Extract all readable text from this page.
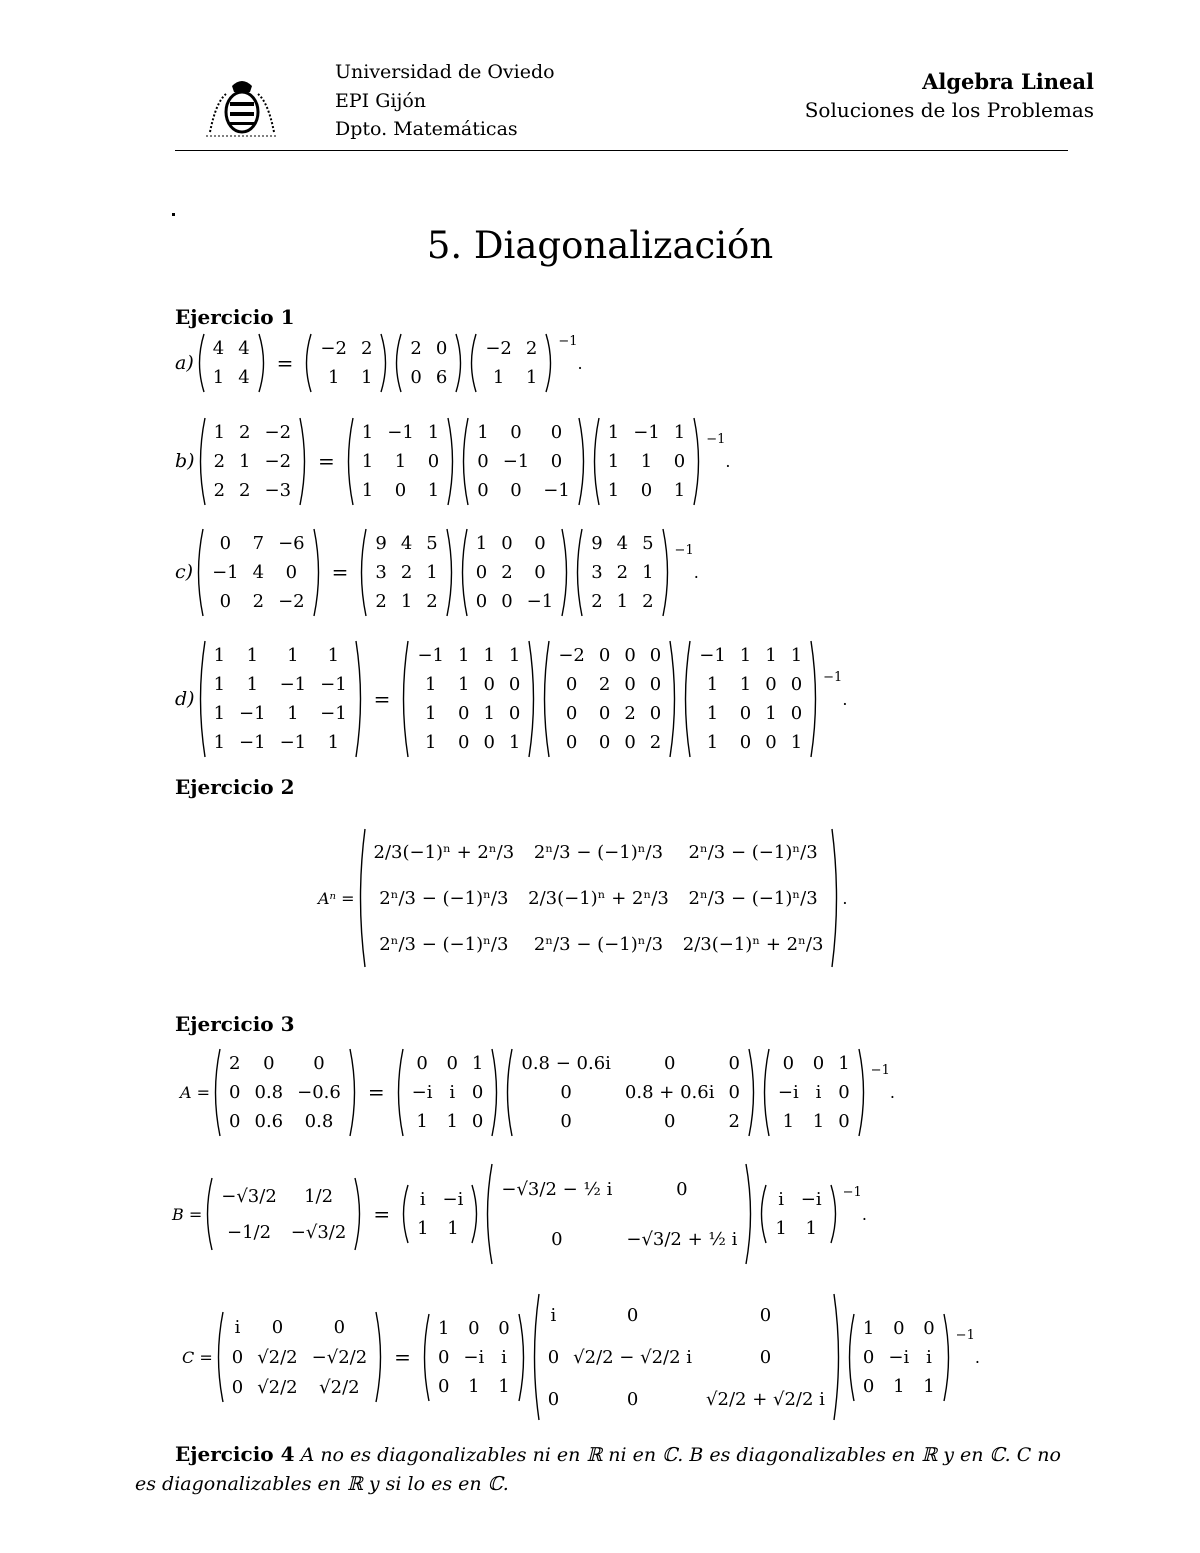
Universidad de Oviedo
EPI Gijón
Dpto. Matemáticas
Algebra Lineal
Soluciones de los Problemas
5. Diagonalización
Ejercicio 1
a)
4	4
1	4
=
−2	2
1	1
2	0
0	6
−2	2
1	1
−1
.
b)
1	2	−2
2	1	−2
2	2	−3
=
1	−1	1
1	1	0
1	0	1
1	0	0
0	−1	0
0	0	−1
1	−1	1
1	1	0
1	0	1
−1
.
c)
0	7	−6
−1	4	0
0	2	−2
=
9	4	5
3	2	1
2	1	2
1	0	0
0	2	0
0	0	−1
9	4	5
3	2	1
2	1	2
−1
.
d)
1	1	1	1
1	1	−1	−1
1	−1	1	−1
1	−1	−1	1
=
−1	1	1	1
1	1	0	0
1	0	1	0
1	0	0	1
−2	0	0	0
0	2	0	0
0	0	2	0
0	0	0	2
−1	1	1	1
1	1	0	0
1	0	1	0
1	0	0	1
−1
.
Ejercicio 2
Aⁿ =
2/3(−1)ⁿ + 2ⁿ/3	2ⁿ/3 − (−1)ⁿ/3	2ⁿ/3 − (−1)ⁿ/3
2ⁿ/3 − (−1)ⁿ/3	2/3(−1)ⁿ + 2ⁿ/3	2ⁿ/3 − (−1)ⁿ/3
2ⁿ/3 − (−1)ⁿ/3	2ⁿ/3 − (−1)ⁿ/3	2/3(−1)ⁿ + 2ⁿ/3
.
Ejercicio 3
A =
2	0	0
0	0.8	−0.6
0	0.6	0.8
=
0	0	1
−i	i	0
1	1	0
0.8 − 0.6i	0	0
0	0.8 + 0.6i	0
0	0	2
0	0	1
−i	i	0
1	1	0
−1
.
B =
−√3/2	1/2
−1/2	−√3/2
=
i	−i
1	1
−√3/2 − ½ i	0
0	−√3/2 + ½ i
i	−i
1	1
−1
.
C =
i	0	0
0	√2/2	−√2/2
0	√2/2	√2/2
=
1	0	0
0	−i	i
0	1	1
i	0	0
0	√2/2 − √2/2 i	0
0	0	√2/2 + √2/2 i
1	0	0
0	−i	i
0	1	1
−1
.
Ejercicio 4 A no es diagonalizables ni en ℝ ni en ℂ. B es diagonalizables en ℝ y en ℂ. C no es diagonalizables en ℝ y si lo es en ℂ.
